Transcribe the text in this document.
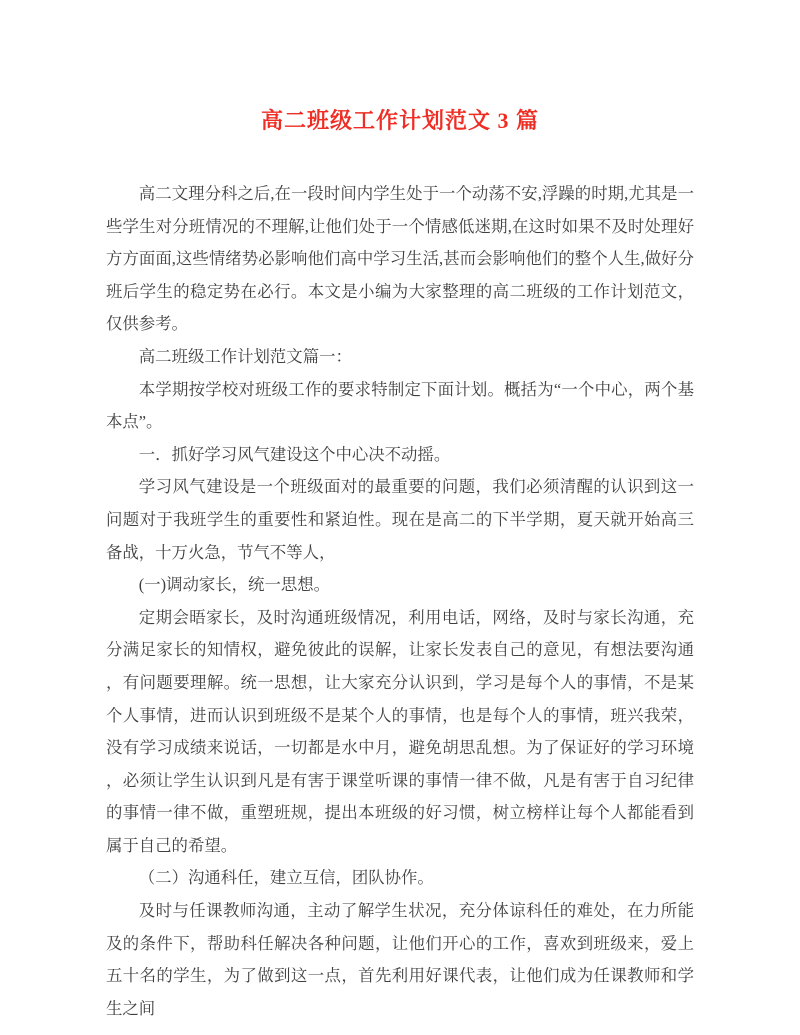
高二班级工作计划范文 3 篇

高二文理分科之后,在一段时间内学生处于一个动荡不安,浮躁的时期,尤其是一些学生对分班情况的不理解,让他们处于一个情感低迷期,在这时如果不及时处理好方方面面,这些情绪势必影响他们高中学习生活,甚而会影响他们的整个人生,做好分班后学生的稳定势在必行。本文是小编为大家整理的高二班级的工作计划范文，仅供参考。

高二班级工作计划范文篇一：

本学期按学校对班级工作的要求特制定下面计划。概括为“一个中心，两个基本点”。

一．抓好学习风气建设这个中心决不动摇。

学习风气建设是一个班级面对的最重要的问题，我们必须清醒的认识到这一问题对于我班学生的重要性和紧迫性。现在是高二的下半学期，夏天就开始高三备战，十万火急，节气不等人，

(一)调动家长，统一思想。

定期会晤家长，及时沟通班级情况，利用电话，网络，及时与家长沟通，充分满足家长的知情权，避免彼此的误解，让家长发表自己的意见，有想法要沟通，有问题要理解。统一思想，让大家充分认识到，学习是每个人的事情，不是某个人事情，进而认识到班级不是某个人的事情，也是每个人的事情，班兴我荣，没有学习成绩来说话，一切都是水中月，避免胡思乱想。为了保证好的学习环境，必须让学生认识到凡是有害于课堂听课的事情一律不做，凡是有害于自习纪律的事情一律不做，重塑班规，提出本班级的好习惯，树立榜样让每个人都能看到属于自己的希望。

（二）沟通科任，建立互信，团队协作。

及时与任课教师沟通，主动了解学生状况，充分体谅科任的难处，在力所能及的条件下，帮助科任解决各种问题，让他们开心的工作，喜欢到班级来，爱上五十名的学生，为了做到这一点，首先利用好课代表，让他们成为任课教师和学生之间
